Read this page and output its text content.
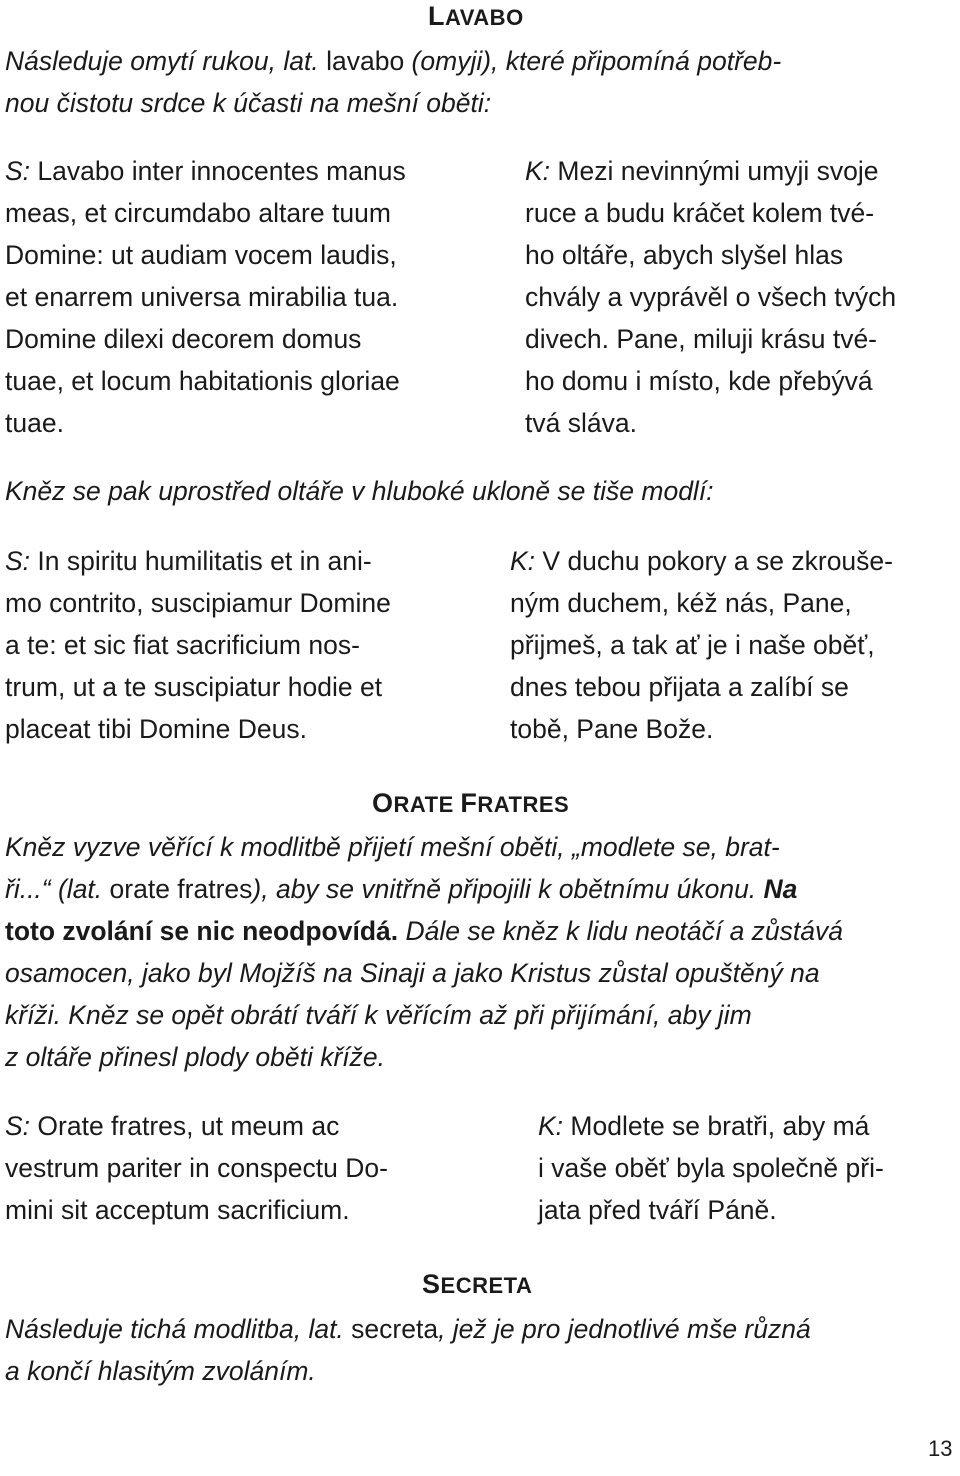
LAVABO
Následuje omytí rukou, lat. lavabo (omyji), které připomíná potřeb-
nou čistotu srdce k účasti na mešní oběti:
S: Lavabo inter innocentes manus
meas, et circumdabo altare tuum
Domine: ut audiam vocem laudis,
et enarrem universa mirabilia tua.
Domine dilexi decorem domus
tuae, et locum habitationis gloriae
tuae.
K: Mezi nevinnými umyji svoje
ruce a budu kráčet kolem tvé-
ho oltáře, abych slyšel hlas
chvály a vyprávěl o všech tvých
divech. Pane, miluji krásu tvé-
ho domu i místo, kde přebývá
tvá sláva.
Kněz se pak uprostřed oltáře v hluboké ukloně se tiše modlí:
S: In spiritu humilitatis et in ani-
mo contrito, suscipiamur Domine
a te: et sic fiat sacrificium nos-
trum, ut a te suscipiatur hodie et
placeat tibi Domine Deus.
K: V duchu pokory a se zkrouše-
ným duchem, kéž nás, Pane,
přijmeš, a tak ať je i naše oběť,
dnes tebou přijata a zalíbí se
tobě, Pane Bože.
ORATE FRATRES
Kněz vyzve věřící k modlitbě přijetí mešní oběti, „modlete se, brat-
ři...“ (lat. orate fratres), aby se vnitřně připojili k obětnímu úkonu. Na
toto zvolání se nic neodpovídá. Dále se kněz k lidu neotáčí a zůstává
osamocen, jako byl Mojžíš na Sinaji a jako Kristus zůstal opuštěný na
kříži. Kněz se opět obrátí tváří k věřícím až při přijímání, aby jim
z oltáře přinesl plody oběti kříže.
S: Orate fratres, ut meum ac
vestrum pariter in conspectu Do-
mini sit acceptum sacrificium.
K: Modlete se bratři, aby má
i vaše oběť byla společně při-
jata před tváří Páně.
SECRETA
Následuje tichá modlitba, lat. secreta, jež je pro jednotlivé mše různá
a končí hlasitým zvoláním.
13
